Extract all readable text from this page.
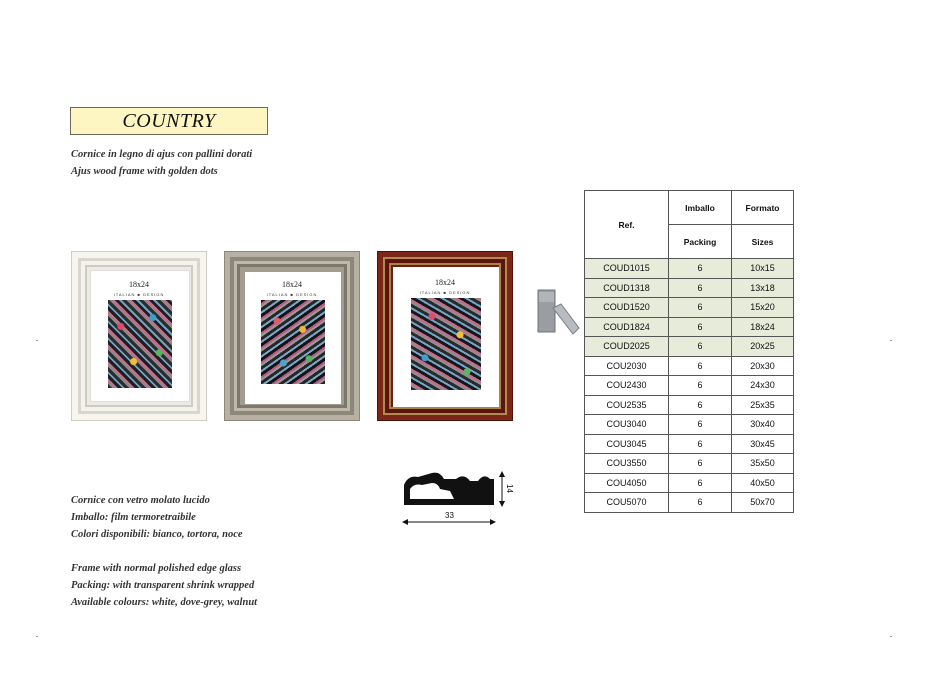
COUNTRY
Cornice in legno di ajus con pallini dorati
Ajus wood frame with golden dots
18x24
ITALIAN ■ DESIGN
18x24
ITALIAN ■ DESIGN
18x24
ITALIAN ■ DESIGN
14
33
Cornice con vetro molato lucido
Imballo: film termoretraibile
Colori disponibili: bianco, tortora, noce
Frame with normal polished edge glass
Packing: with transparent shrink wrapped
Available colours: white, dove-grey, walnut
Ref.	Imballo	Formato
	Packing	Sizes
COUD1015	6	10x15
COUD1318	6	13x18
COUD1520	6	15x20
COUD1824	6	18x24
COUD2025	6	20x25
COU2030	6	20x30
COU2430	6	24x30
COU2535	6	25x35
COU3040	6	30x40
COU3045	6	30x45
COU3550	6	35x50
COU4050	6	40x50
COU5070	6	50x70
